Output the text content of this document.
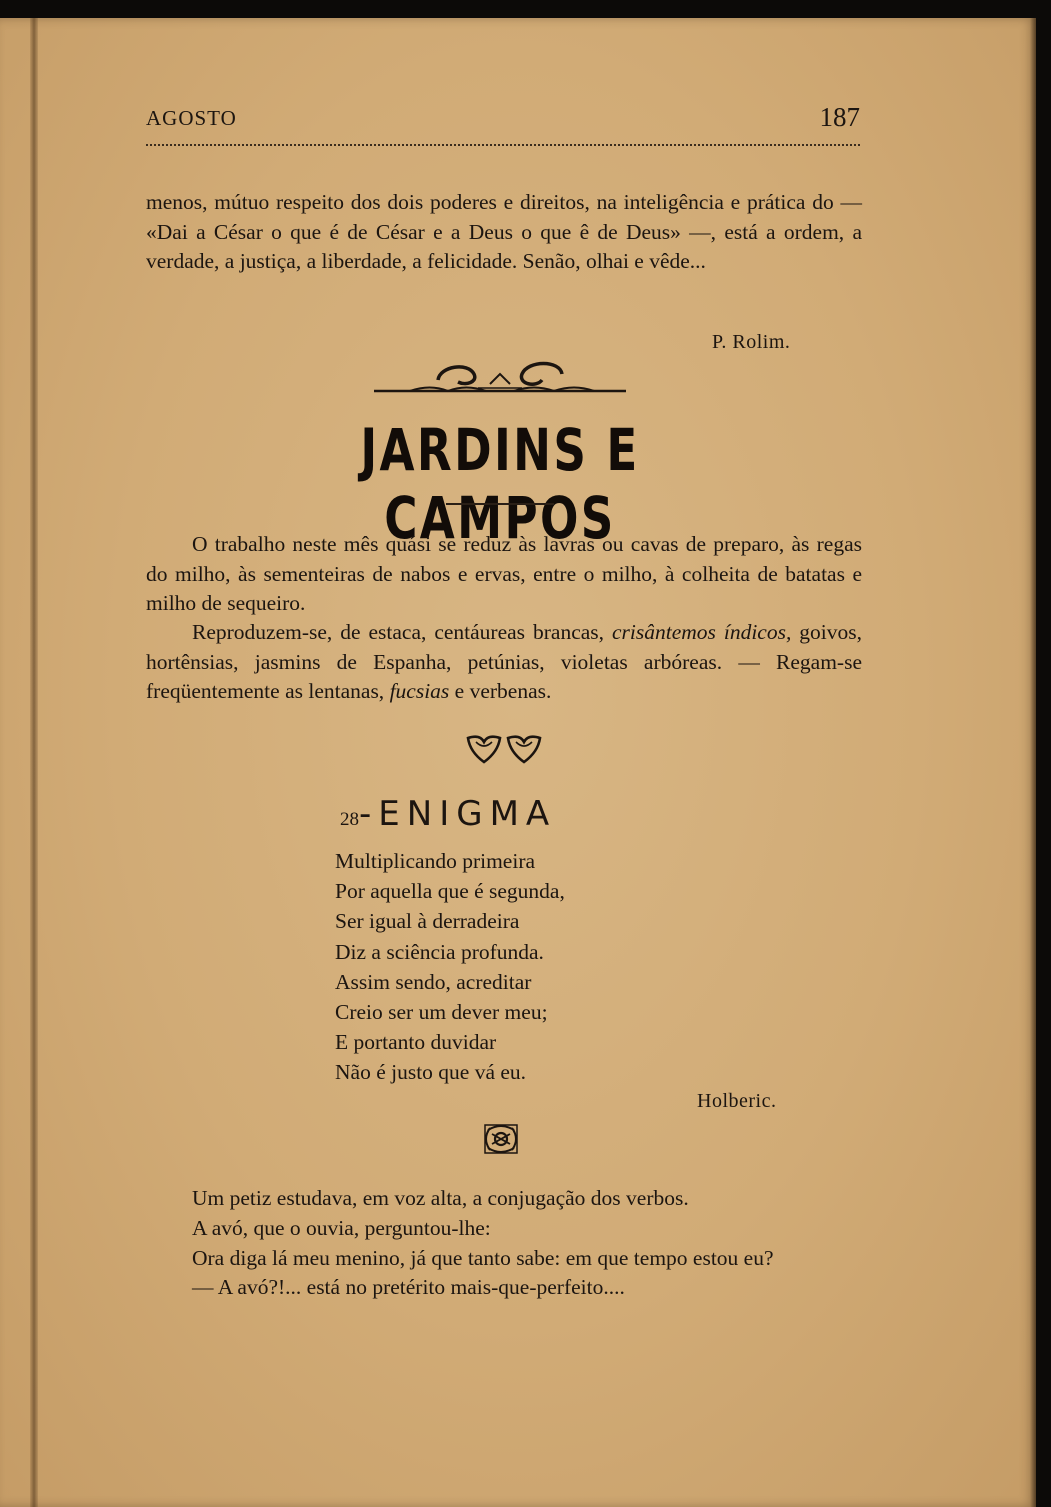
AGOSTO	187

menos, mútuo respeito dos dois poderes e direitos, na inteligência e prática do — «Dai a César o que é de César e a Deus o que ê de Deus» —, está a ordem, a verdade, a justiça, a liberdade, a felicidade. Senão, olhai e vêde...

P. Rolim.
JARDINS E CAMPOS

O trabalho neste mês quási se reduz às lavras ou cavas de preparo, às regas do milho, às sementeiras de nabos e ervas, entre o milho, à colheita de batatas e milho de sequeiro.

Reproduzem-se, de estaca, centáureas brancas, crisântemos índicos, goivos, hortênsias, jasmins de Espanha, petúnias, violetas arbóreas. — Regam-se freqüentemente as lentanas, fucsias e verbenas.

28-ENIGMA
Multiplicando primeira
Por aquella que é segunda,
Ser igual à derradeira
Diz a sciência profunda.
Assim sendo, acreditar
Creio ser um dever meu;
E portanto duvidar
Não é justo que vá eu.
Holberic.

Um petiz estudava, em voz alta, a conjugação dos verbos.

A avó, que o ouvia, perguntou-lhe:

Ora diga lá meu menino, já que tanto sabe: em que tempo estou eu?

— A avó?!... está no pretérito mais-que-perfeito....
